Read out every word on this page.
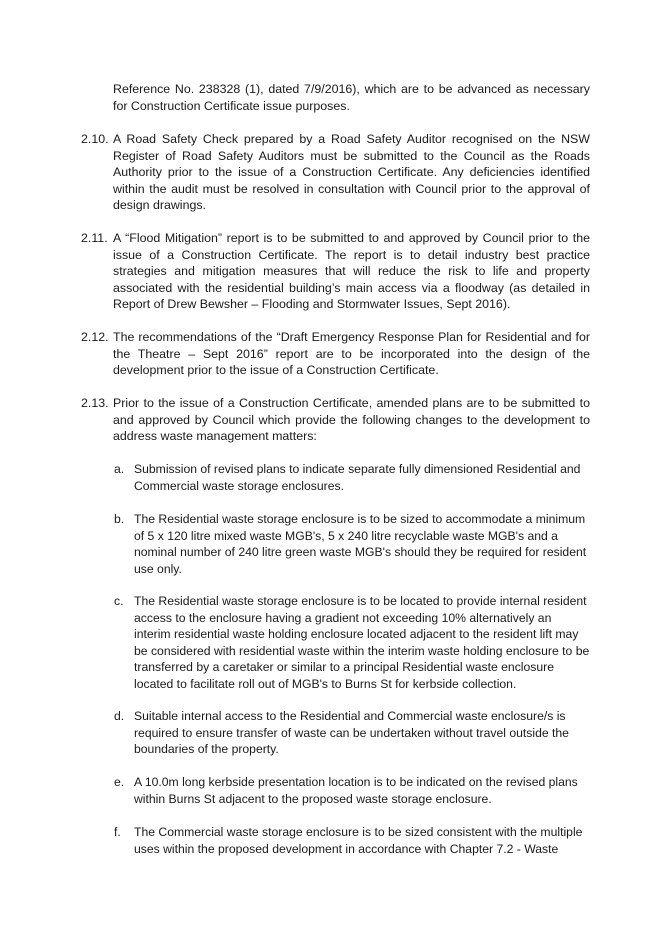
Reference No. 238328 (1), dated 7/9/2016), which are to be advanced as necessary for Construction Certificate issue purposes.

2.10. A Road Safety Check prepared by a Road Safety Auditor recognised on the NSW Register of Road Safety Auditors must be submitted to the Council as the Roads Authority prior to the issue of a Construction Certificate. Any deficiencies identified within the audit must be resolved in consultation with Council prior to the approval of design drawings.

2.11. A “Flood Mitigation” report is to be submitted to and approved by Council prior to the issue of a Construction Certificate. The report is to detail industry best practice strategies and mitigation measures that will reduce the risk to life and property associated with the residential building’s main access via a floodway (as detailed in Report of Drew Bewsher – Flooding and Stormwater Issues, Sept 2016).

2.12. The recommendations of the “Draft Emergency Response Plan for Residential and for the Theatre – Sept 2016” report are to be incorporated into the design of the development prior to the issue of a Construction Certificate.

2.13. Prior to the issue of a Construction Certificate, amended plans are to be submitted to and approved by Council which provide the following changes to the development to address waste management matters:

a. Submission of revised plans to indicate separate fully dimensioned Residential and Commercial waste storage enclosures.

b. The Residential waste storage enclosure is to be sized to accommodate a minimum of 5 x 120 litre mixed waste MGB's, 5 x 240 litre recyclable waste MGB's and a nominal number of 240 litre green waste MGB's should they be required for resident use only.

c. The Residential waste storage enclosure is to be located to provide internal resident access to the enclosure having a gradient not exceeding 10% alternatively an interim residential waste holding enclosure located adjacent to the resident lift may be considered with residential waste within the interim waste holding enclosure to be transferred by a caretaker or similar to a principal Residential waste enclosure located to facilitate roll out of MGB's to Burns St for kerbside collection.

d. Suitable internal access to the Residential and Commercial waste enclosure/s is required to ensure transfer of waste can be undertaken without travel outside the boundaries of the property.

e. A 10.0m long kerbside presentation location is to be indicated on the revised plans within Burns St adjacent to the proposed waste storage enclosure.

f. The Commercial waste storage enclosure is to be sized consistent with the multiple uses within the proposed development in accordance with Chapter 7.2 - Waste
